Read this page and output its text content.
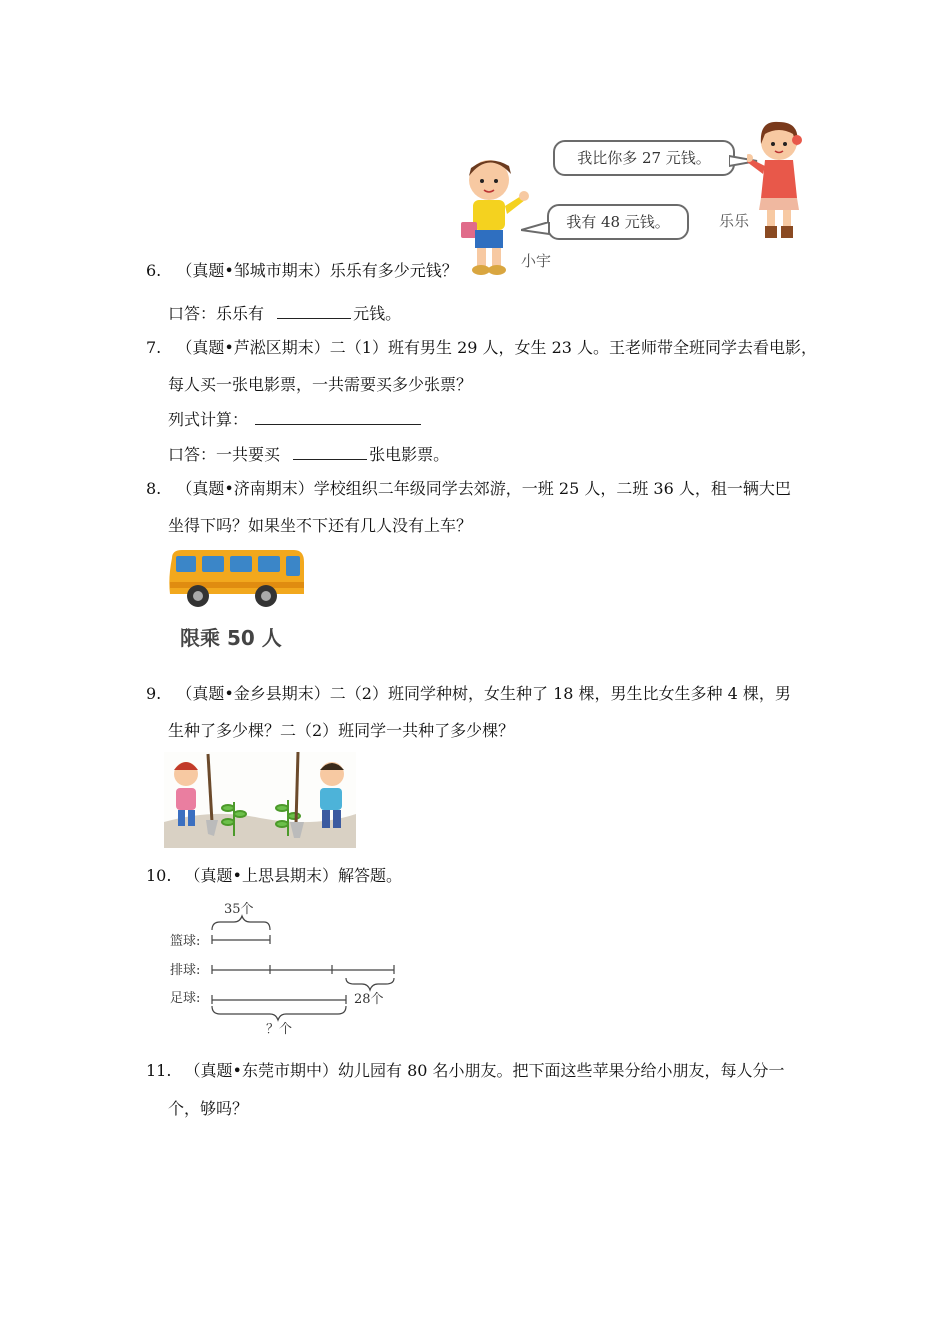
我比你多 27 元钱。
我有 48 元钱。
小宇
乐乐
6. （真题•邹城市期末）乐乐有多少元钱？
口答：乐乐有	元钱。
7. （真题•芦淞区期末）二（1）班有男生 29 人，女生 23 人。王老师带全班同学去看电影，
每人买一张电影票，一共需要买多少张票？
列式计算：
口答：一共要买	张电影票。
8. （真题•济南期末）学校组织二年级同学去郊游，一班 25 人，二班 36 人，租一辆大巴
坐得下吗？如果坐不下还有几人没有上车？
限乘 50 人
9. （真题•金乡县期末）二（2）班同学种树，女生种了 18 棵，男生比女生多种 4 棵，男
生种了多少棵？二（2）班同学一共种了多少棵？
10. （真题•上思县期末）解答题。
35个
篮球:
排球:
足球:	28个
？个
11. （真题•东莞市期中）幼儿园有 80 名小朋友。把下面这些苹果分给小朋友，每人分一
个，够吗？
